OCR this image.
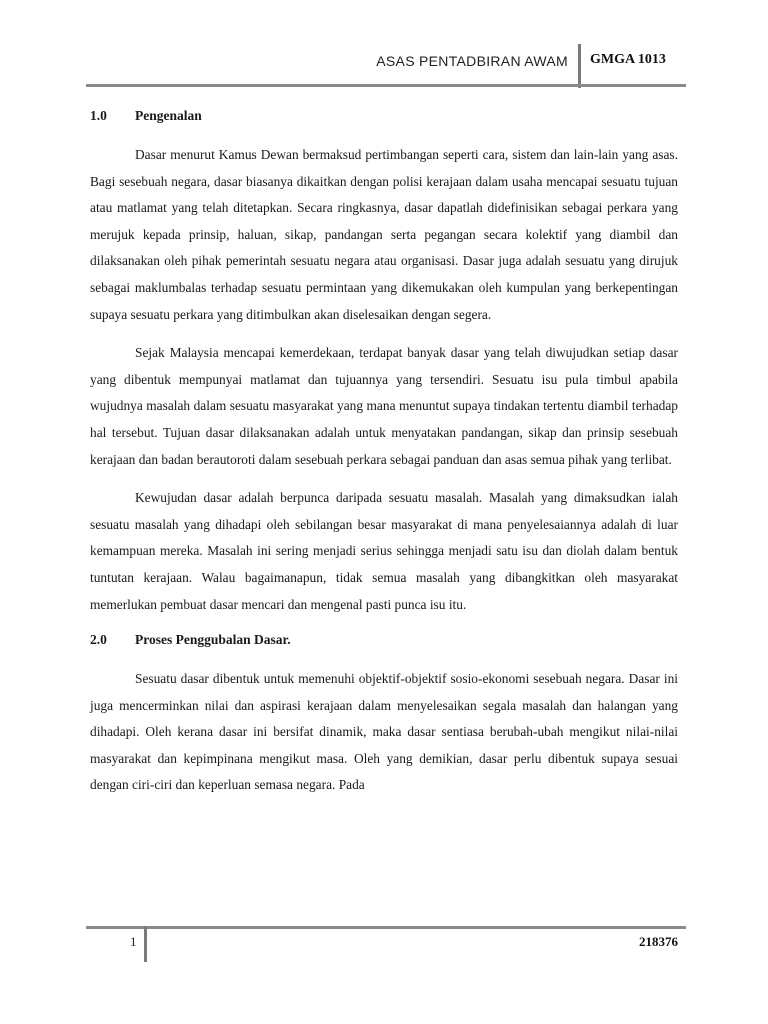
ASAS PENTADBIRAN AWAM GMGA 1013
1.0	Pengenalan

Dasar menurut Kamus Dewan bermaksud pertimbangan seperti cara, sistem dan lain-lain yang asas. Bagi sesebuah negara, dasar biasanya dikaitkan dengan polisi kerajaan dalam usaha mencapai sesuatu tujuan atau matlamat yang telah ditetapkan. Secara ringkasnya, dasar dapatlah didefinisikan sebagai perkara yang merujuk kepada prinsip, haluan, sikap, pandangan serta pegangan secara kolektif yang diambil dan dilaksanakan oleh pihak pemerintah sesuatu negara atau organisasi. Dasar juga adalah sesuatu yang dirujuk sebagai maklumbalas terhadap sesuatu permintaan yang dikemukakan oleh kumpulan yang berkepentingan supaya sesuatu perkara yang ditimbulkan akan diselesaikan dengan segera.

Sejak Malaysia mencapai kemerdekaan, terdapat banyak dasar yang telah diwujudkan setiap dasar yang dibentuk mempunyai matlamat dan tujuannya yang tersendiri. Sesuatu isu pula timbul apabila wujudnya masalah dalam sesuatu masyarakat yang mana menuntut supaya tindakan tertentu diambil terhadap hal tersebut. Tujuan dasar dilaksanakan adalah untuk menyatakan pandangan, sikap dan prinsip sesebuah kerajaan dan badan berautoroti dalam sesebuah perkara sebagai panduan dan asas semua pihak yang terlibat.

Kewujudan dasar adalah berpunca daripada sesuatu masalah. Masalah yang dimaksudkan ialah sesuatu masalah yang dihadapi oleh sebilangan besar masyarakat di mana penyelesaiannya adalah di luar kemampuan mereka. Masalah ini sering menjadi serius sehingga menjadi satu isu dan diolah dalam bentuk tuntutan kerajaan. Walau bagaimanapun, tidak semua masalah yang dibangkitkan oleh masyarakat memerlukan pembuat dasar mencari dan mengenal pasti punca isu itu.

2.0	Proses Penggubalan Dasar.

Sesuatu dasar dibentuk untuk memenuhi objektif-objektif sosio-ekonomi sesebuah negara. Dasar ini juga mencerminkan nilai dan aspirasi kerajaan dalam menyelesaikan segala masalah dan halangan yang dihadapi. Oleh kerana dasar ini bersifat dinamik, maka dasar sentiasa berubah-ubah mengikut nilai-nilai masyarakat dan kepimpinana mengikut masa. Oleh yang demikian, dasar perlu dibentuk supaya sesuai dengan ciri-ciri dan keperluan semasa negara. Pada

1	218376
